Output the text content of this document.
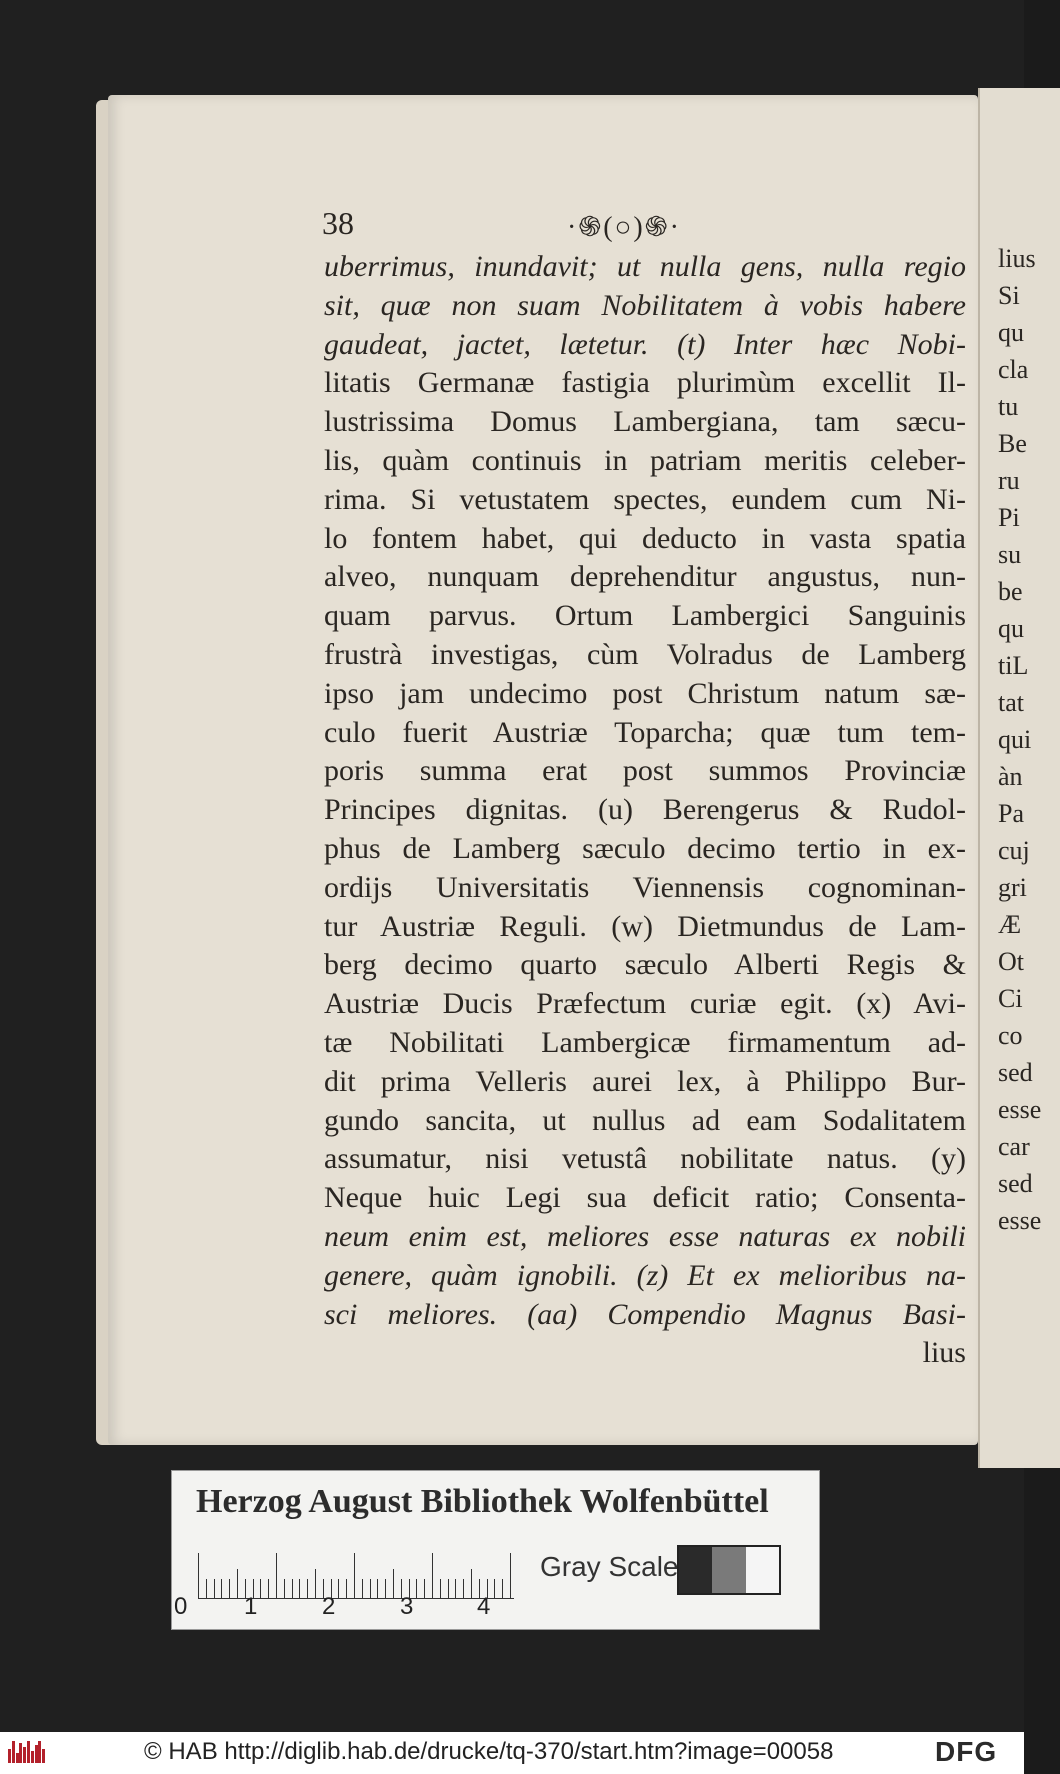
lius
Si
qu
cla
tu
Be
ru
Pi
su
be
qu
tiL
tat
qui
àn
Pa
cuj
gri
Æ
Ot
Ci
co
sed
esse
car
sed
esse
38	·֍(○)֍·
uberrimus, inundavit; ut nulla gens, nulla regio
sit, quæ non suam Nobilitatem à vobis habere
gaudeat, jactet, lætetur. (t) Inter hæc Nobi-
litatis Germanæ fastigia plurimùm excellit Il-
lustrissima Domus Lambergiana, tam sæcu-
lis, quàm continuis in patriam meritis celeber-
rima. Si vetustatem spectes, eundem cum Ni-
lo fontem habet, qui deducto in vasta spatia
alveo, nunquam deprehenditur angustus, nun-
quam parvus. Ortum Lambergici Sanguinis
frustrà investigas, cùm Volradus de Lamberg
ipso jam undecimo post Christum natum sæ-
culo fuerit Austriæ Toparcha; quæ tum tem-
poris summa erat post summos Provinciæ
Principes dignitas. (u) Berengerus & Rudol-
phus de Lamberg sæculo decimo tertio in ex-
ordijs Universitatis Viennensis cognominan-
tur Austriæ Reguli. (w) Dietmundus de Lam-
berg decimo quarto sæculo Alberti Regis &
Austriæ Ducis Præfectum curiæ egit. (x) Avi-
tæ Nobilitati Lambergicæ firmamentum ad-
dit prima Velleris aurei lex, à Philippo Bur-
gundo sancita, ut nullus ad eam Sodalitatem
assumatur, nisi vetustâ nobilitate natus. (y)
Neque huic Legi sua deficit ratio; Consenta-
neum enim est, meliores esse naturas ex nobili
genere, quàm ignobili. (z) Et ex melioribus na-
sci meliores. (aa) Compendio Magnus Basi-
lius
Herzog August Bibliothek Wolfenbüttel
0 1	2	3	4
Gray Scale
© HAB http://diglib.hab.de/drucke/tq-370/start.htm?image=00058	DFG
